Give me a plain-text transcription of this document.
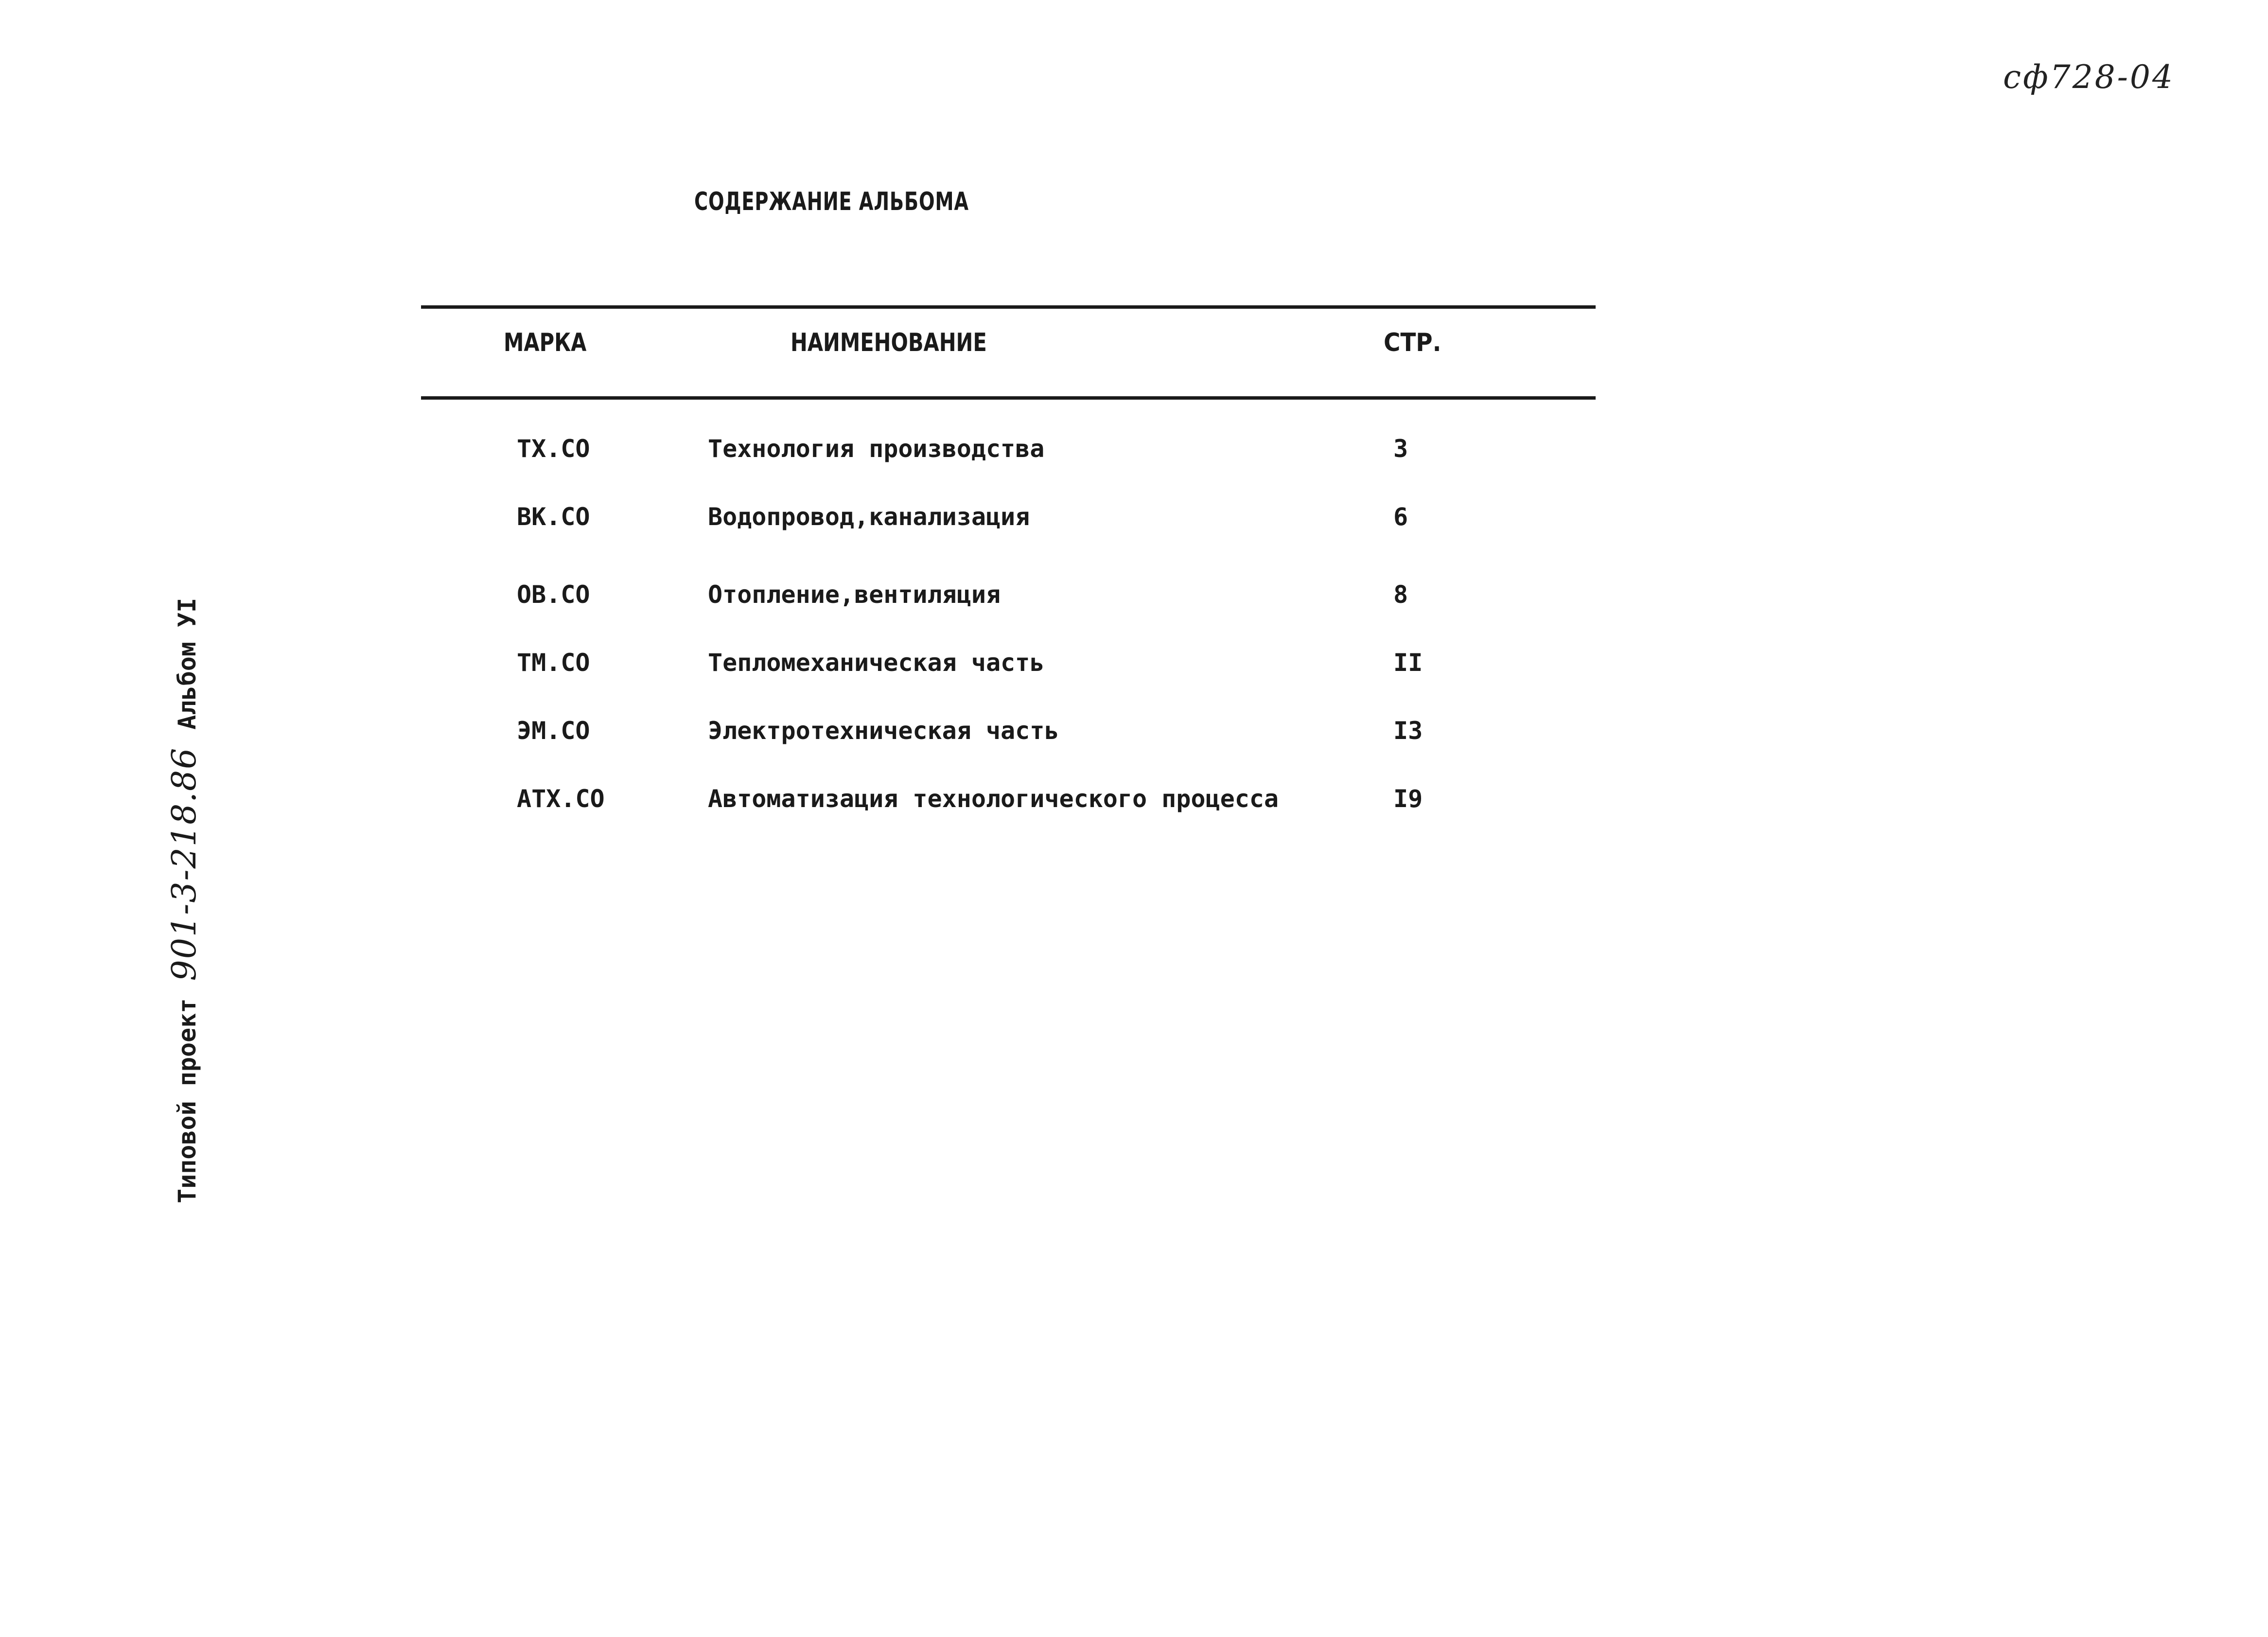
сф728-04
СОДЕРЖАНИЕ АЛЬБОМА
МАРКА	НАИМЕНОВАНИЕ	СТР.
ТХ.СО	Технология производства	3
ВК.СО	Водопровод,канализация	6
ОВ.СО	Отопление,вентиляция	8
ТМ.СО	Тепломеханическая часть	II
ЭМ.СО	Электротехническая часть	I3
АТХ.СО	Автоматизация технологического процесса	I9
Типовой проект
901-3-218.86
Альбом УI
